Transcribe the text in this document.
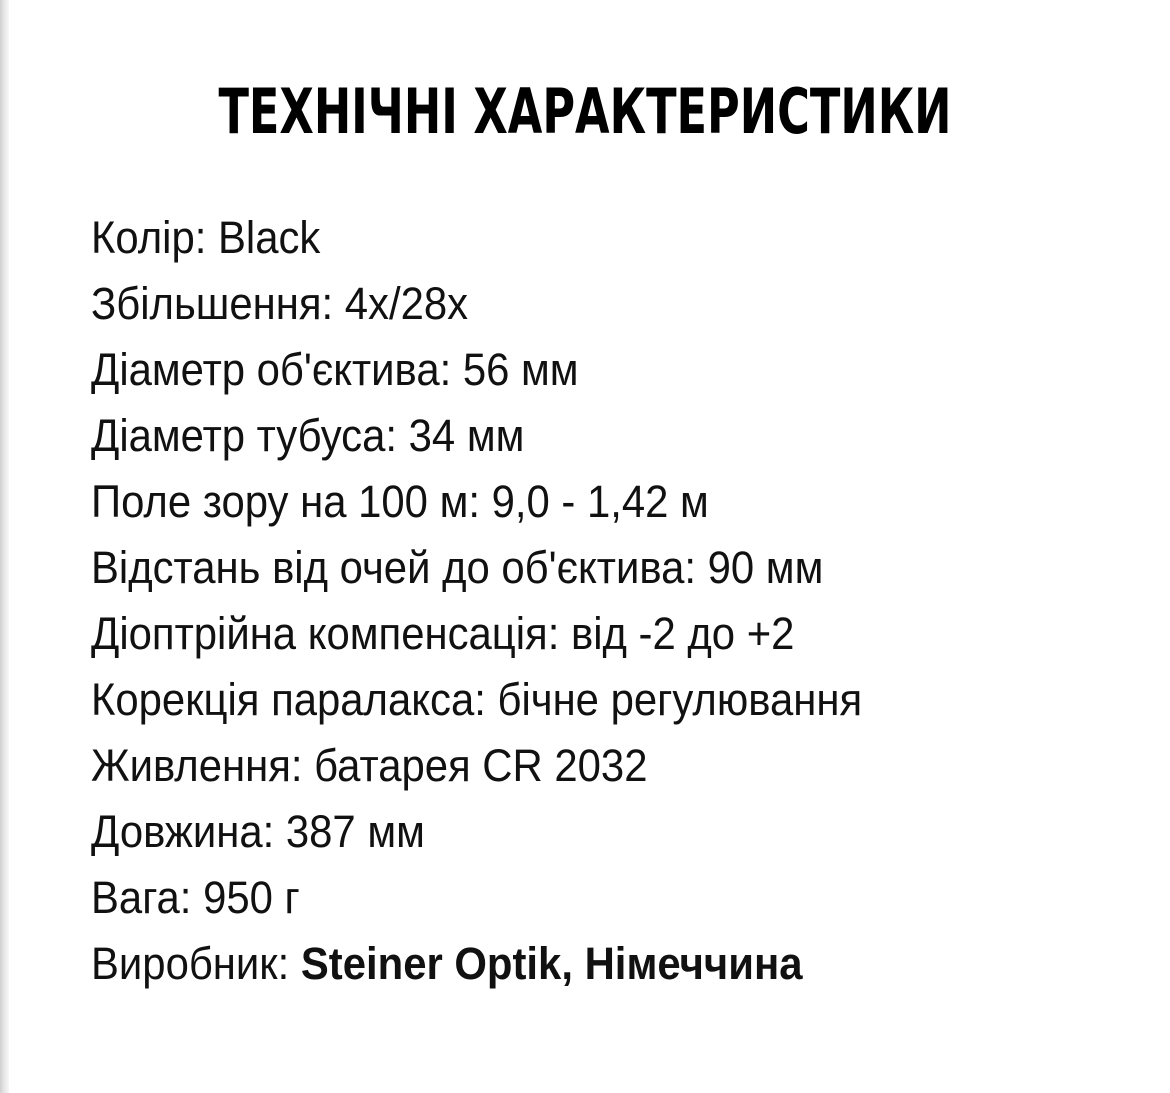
ТЕХНІЧНІ ХАРАКТЕРИСТИКИ
Колір: Black
Збільшення: 4x/28x
Діаметр об'єктива: 56 мм
Діаметр тубуса: 34 мм
Поле зору на 100 м: 9,0 - 1,42 м
Відстань від очей до об'єктива: 90 мм
Діоптрійна компенсація: від -2 до +2
Корекція паралакса: бічне регулювання
Живлення: батарея CR 2032
Довжина: 387 мм
Вага: 950 г
Виробник: Steiner Optik, Німеччина
